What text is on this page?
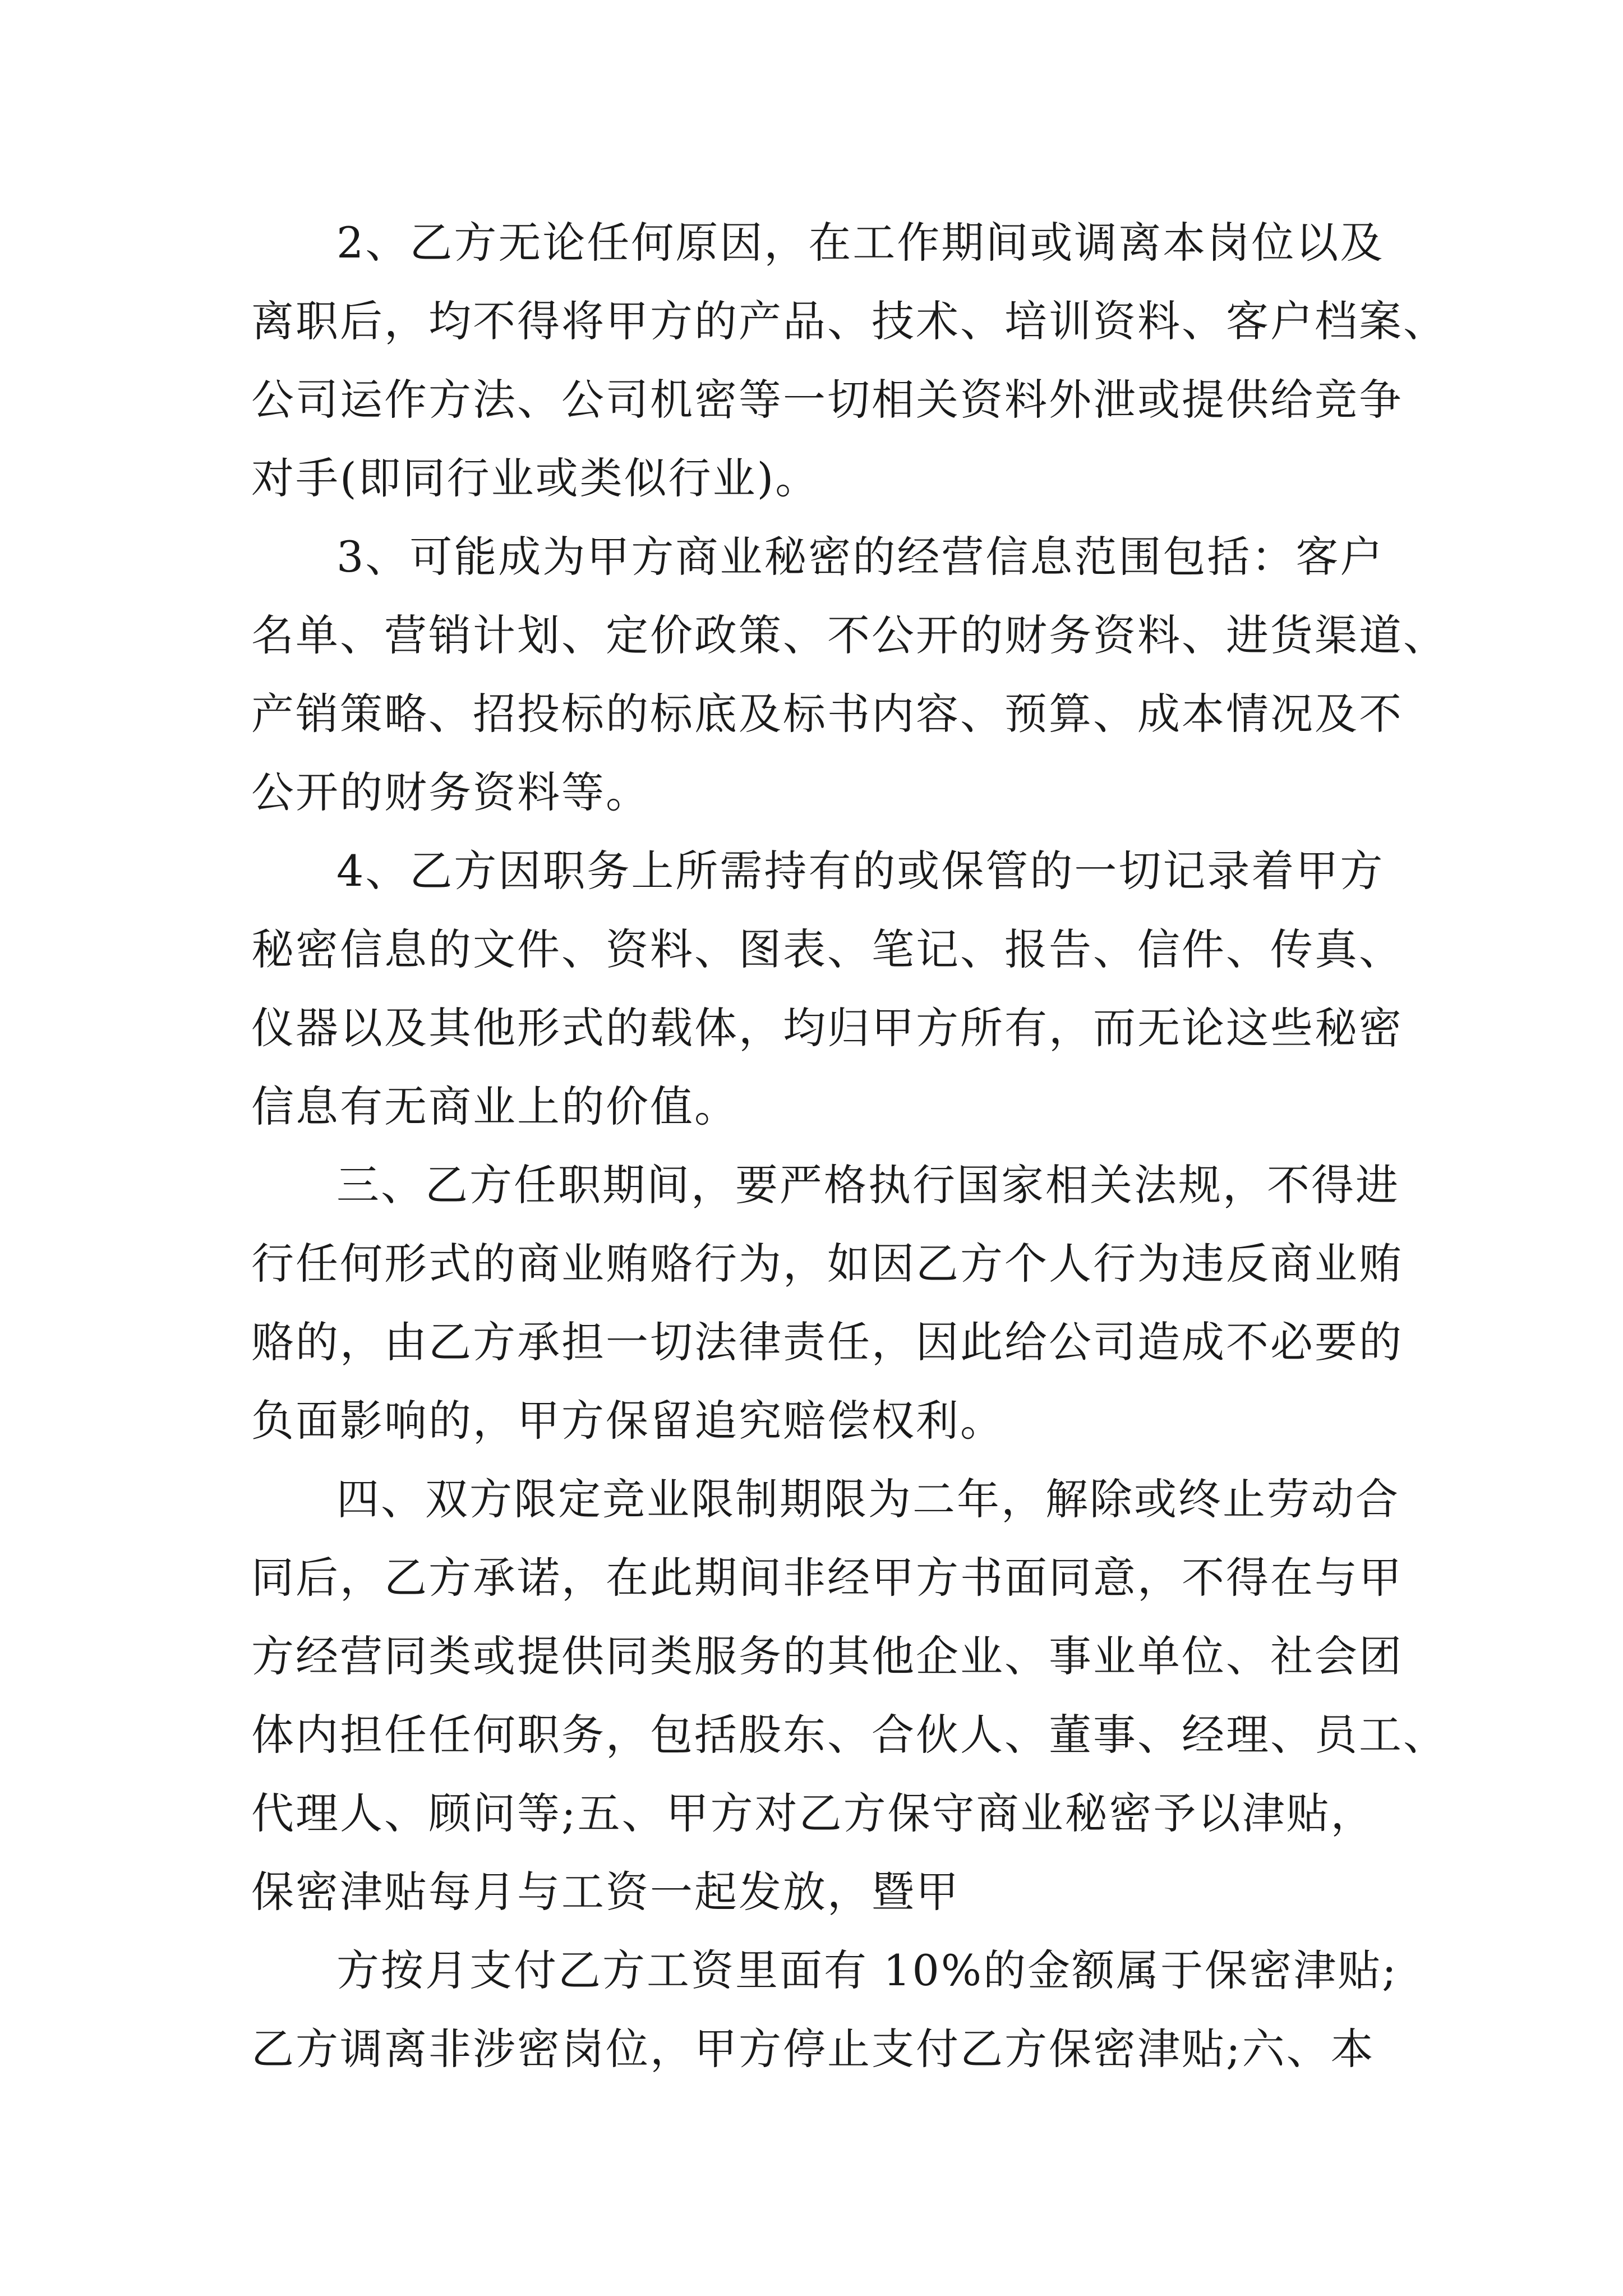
2、乙方无论任何原因，在工作期间或调离本岗位以及
离职后，均不得将甲方的产品、技术、培训资料、客户档案、
公司运作方法、公司机密等一切相关资料外泄或提供给竞争
对手(即同行业或类似行业)。
3、可能成为甲方商业秘密的经营信息范围包括：客户
名单、营销计划、定价政策、不公开的财务资料、进货渠道、
产销策略、招投标的标底及标书内容、预算、成本情况及不
公开的财务资料等。
4、乙方因职务上所需持有的或保管的一切记录着甲方
秘密信息的文件、资料、图表、笔记、报告、信件、传真、
仪器以及其他形式的载体，均归甲方所有，而无论这些秘密
信息有无商业上的价值。
三、乙方任职期间，要严格执行国家相关法规，不得进
行任何形式的商业贿赂行为，如因乙方个人行为违反商业贿
赂的，由乙方承担一切法律责任，因此给公司造成不必要的
负面影响的，甲方保留追究赔偿权利。
四、双方限定竞业限制期限为二年，解除或终止劳动合
同后，乙方承诺，在此期间非经甲方书面同意，不得在与甲
方经营同类或提供同类服务的其他企业、事业单位、社会团
体内担任任何职务，包括股东、合伙人、董事、经理、员工、
代理人、顾问等;五、甲方对乙方保守商业秘密予以津贴，
保密津贴每月与工资一起发放，暨甲
方按月支付乙方工资里面有 10%的金额属于保密津贴;
乙方调离非涉密岗位，甲方停止支付乙方保密津贴;六、本
